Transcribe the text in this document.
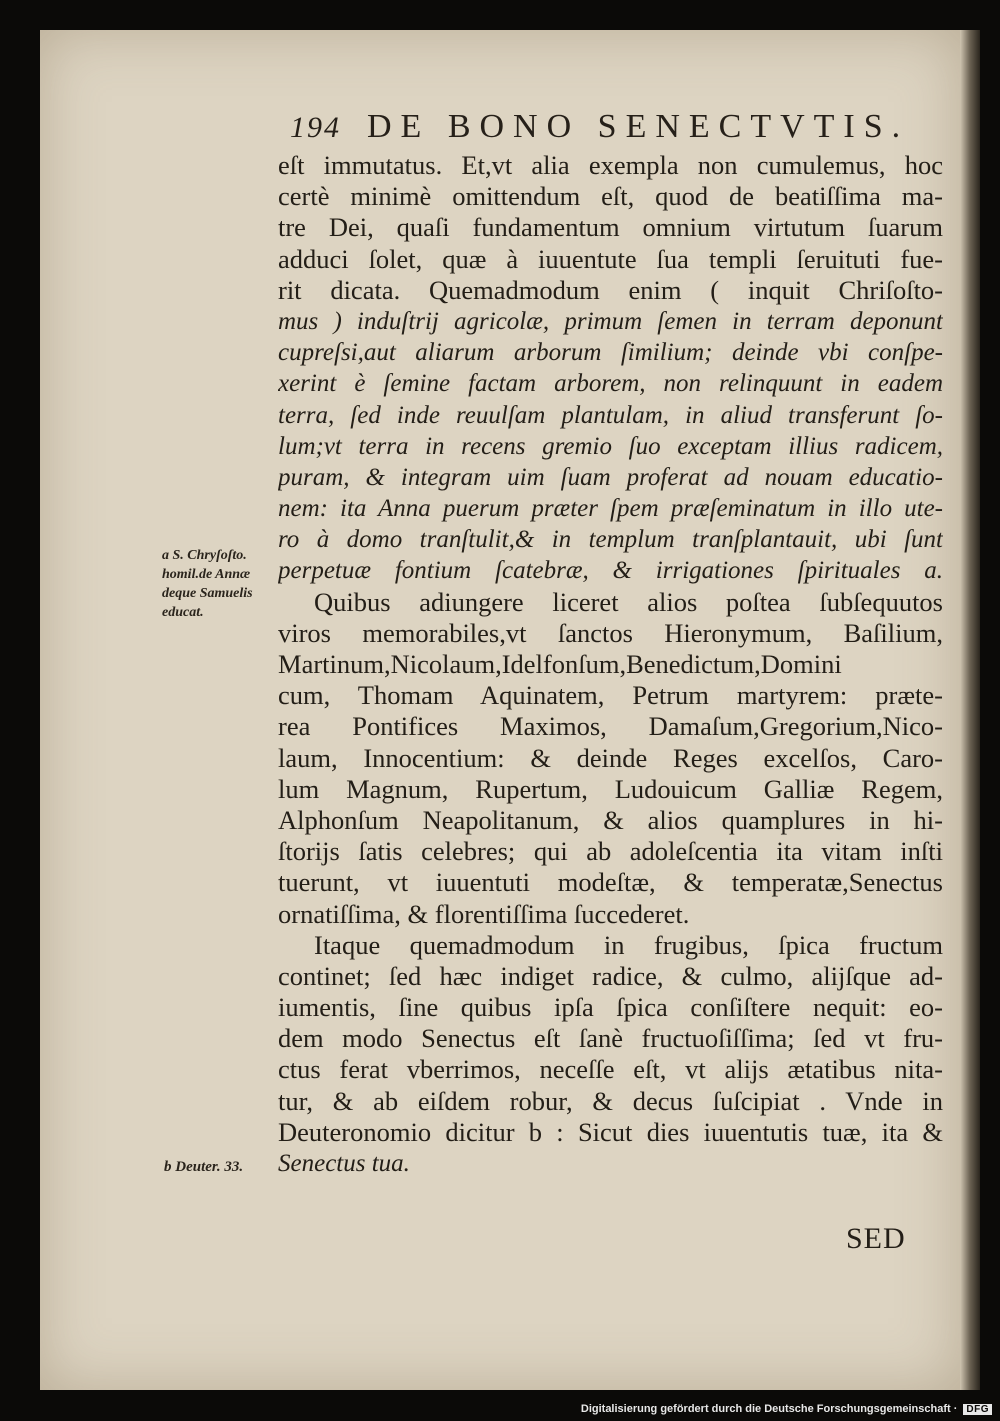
194 DE BONO SENECTVTIS.
eſt immutatus. Et,vt alia exempla non cumulemus, hoc
certè minimè omittendum eſt, quod de beatiſſima ma-
tre Dei, quaſi fundamentum omnium virtutum ſuarum
adduci ſolet, quæ à iuuentute ſua templi ſeruituti fue-
rit dicata. Quemadmodum enim ( inquit Chriſoſto-
mus ) induſtrij agricolæ, primum ſemen in terram deponunt
cupreſsi,aut aliarum arborum ſimilium; deinde vbi conſpe-
xerint è ſemine factam arborem, non relinquunt in eadem
terra, ſed inde reuulſam plantulam, in aliud transferunt ſo-
lum;vt terra in recens gremio ſuo exceptam illius radicem,
puram, & integram uim ſuam proferat ad nouam educatio-
nem: ita Anna puerum præter ſpem præſeminatum in illo ute-
ro à domo tranſtulit,& in templum tranſplantauit, ubi ſunt
perpetuæ fontium ſcatebræ, & irrigationes ſpirituales a.
Quibus adiungere liceret alios poſtea ſubſequutos
viros memorabiles,vt ſanctos Hieronymum, Baſilium,
Martinum,Nicolaum,Idelfonſum,Benedictum,Domini
cum, Thomam Aquinatem, Petrum martyrem: præte-
rea Pontifices Maximos, Damaſum,Gregorium,Nico-
laum, Innocentium: & deinde Reges excelſos, Caro-
lum Magnum, Rupertum, Ludouicum Galliæ Regem,
Alphonſum Neapolitanum, & alios quamplures in hi-
ſtorijs ſatis celebres; qui ab adoleſcentia ita vitam inſti
tuerunt, vt iuuentuti modeſtæ, & temperatæ,Senectus
ornatiſſima, & florentiſſima ſuccederet.
Itaque quemadmodum in frugibus, ſpica fructum
continet; ſed hæc indiget radice, & culmo, alijſque ad-
iumentis, ſine quibus ipſa ſpica conſiſtere nequit: eo-
dem modo Senectus eſt ſanè fructuoſiſſima; ſed vt fru-
ctus ferat vberrimos, neceſſe eſt, vt alijs ætatibus nita-
tur, & ab eiſdem robur, & decus ſuſcipiat . Vnde in
Deuteronomio dicitur b : Sicut dies iuuentutis tuæ, ita &
Senectus tua.
a S. Chryſoſto. homil.de Annæ deque Samuelis educat.
b Deuter. 33.
SED
Digitalisierung gefördert durch die Deutsche Forschungsgemeinschaft · DFG
